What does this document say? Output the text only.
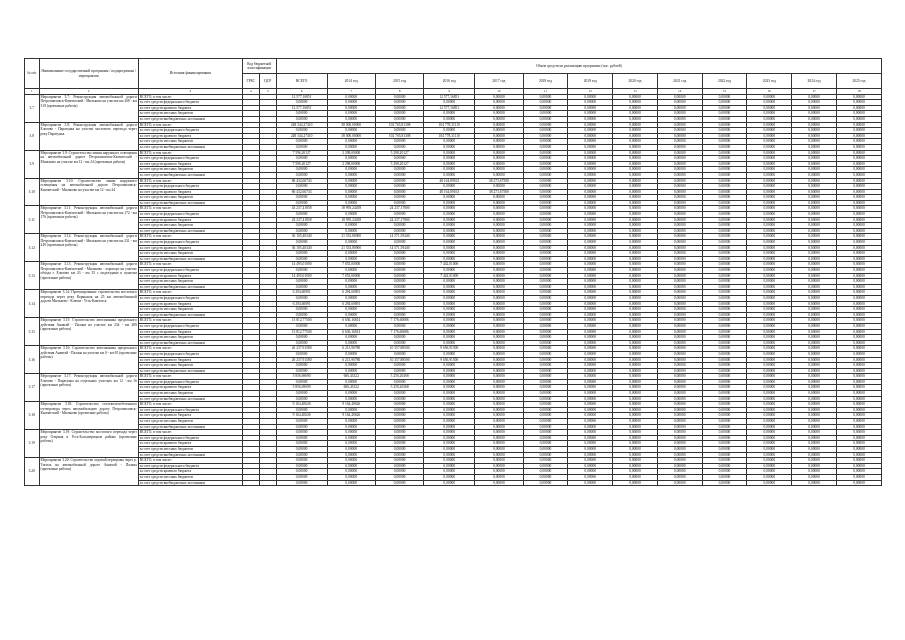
№ п/п	Наименование государственной программы / подпрограммы / мероприятия	Источник финансирования	Код бюджетной классификации		Объем средств на реализацию программы (тыс. рублей)												
			ГРБС	ЦСР	ВСЕГО	2014 год	2015 год	2016 год	2017 год	2018 год	2019 год	2020 год	2021 год	2022 год	2023 год	2024 год	2025 год
1	2	3	4	5	6	7	8	9	10	11	12	13	14	15	16	17	18
3.7	Мероприятие 3.7: Реконструкция автомобильной дороги Петропавловск-Камчатский - Мильково на участке км 268 - км 319 (проектные работы)	ВСЕГО, в том числе:			12 577,16851	0,00000	0,00000	12 577,16851	0,00000	0,00000	0,00000	0,00000	0,00000	0,00000	0,00000	0,00000	0,00000
		за счет средств федерального бюджета			0,00000	0,00000	0,00000	0,00000	0,00000	0,00000	0,00000	0,00000	0,00000	0,00000	0,00000	0,00000	0,00000
		за счет средств краевого бюджета			12 577,16851	0,00000	0,00000	12 577,16851	0,00000	0,00000	0,00000	0,00000	0,00000	0,00000	0,00000	0,00000	0,00000
		за счет средств местных бюджетов			0,00000	0,00000	0,00000	0,00000	0,00000	0,00000	0,00000	0,00000	0,00000	0,00000	0,00000	0,00000	0,00000
		за счет средств внебюджетных источников			0,00000	0,00000	0,00000	0,00000	0,00000	0,00000	0,00000	0,00000	0,00000	0,00000	0,00000	0,00000	0,00000
3.8	Мероприятие 3.8: Реконструкция автомобильной дороги Елизово - Паратунка на участке мостового перехода через реку Паратунка	ВСЕГО, в том числе:			248 344,27410	38 000,00000	102 765,81308	104 778,31110	0,00000	0,00000	0,00000	0,00000	0,00000	0,00000	0,00000	0,00000	0,00000
		за счет средств федерального бюджета			0,00000	0,00000	0,00000	0,00000	0,00000	0,00000	0,00000	0,00000	0,00000	0,00000	0,00000	0,00000	0,00000
		за счет средств краевого бюджета			248 344,27410	38 000,00000	102 765,81308	104 778,31110	0,00000	0,00000	0,00000	0,00000	0,00000	0,00000	0,00000	0,00000	0,00000
		за счет средств местных бюджетов			0,00000	0,00000	0,00000	0,00000	0,00000	0,00000	0,00000	0,00000	0,00000	0,00000	0,00000	0,00000	0,00000
		за счет средств внебюджетных источников			0,00000	0,00000	0,00000	0,00000	0,00000	0,00000	0,00000	0,00000	0,00000	0,00000	0,00000	0,00000	0,00000
3.9	Мероприятие 3.9: Строительство линии наружного освещения на автомобильной дороге Петропавловск-Камчатский - Мильково на участке км 12 - км 24 (проектные работы)	ВСЕГО, в том числе:			7 596,20127	2 298,00000	5 298,20127	0,00000	0,00000	0,00000	0,00000	0,00000	0,00000	0,00000	0,00000	0,00000	0,00000
		за счет средств федерального бюджета			0,00000	0,00000	0,00000	0,00000	0,00000	0,00000	0,00000	0,00000	0,00000	0,00000	0,00000	0,00000	0,00000
		за счет средств краевого бюджета			7 596,20127	2 298,00000	5 298,20127	0,00000	0,00000	0,00000	0,00000	0,00000	0,00000	0,00000	0,00000	0,00000	0,00000
		за счет средств местных бюджетов			0,00000	0,00000	0,00000	0,00000	0,00000	0,00000	0,00000	0,00000	0,00000	0,00000	0,00000	0,00000	0,00000
		за счет средств внебюджетных источников			0,00000	0,00000	0,00000	0,00000	0,00000	0,00000	0,00000	0,00000	0,00000	0,00000	0,00000	0,00000	0,00000
3.10	Мероприятие 3.10: Строительство линии наружного освещения на автомобильной дороге Петропавловск-Камчатский - Мильково на участке км 12 - км 24	ВСЕГО, в том числе:			86 432,66743	0,00000	0,00000	48 164,89163	38 273,67580	0,00000	0,00000	0,00000	0,00000	0,00000	0,00000	0,00000	0,00000
		за счет средств федерального бюджета			0,00000	0,00000	0,00000	0,00000	0,00000	0,00000	0,00000	0,00000	0,00000	0,00000	0,00000	0,00000	0,00000
		за счет средств краевого бюджета			86 432,66743	0,00000	0,00000	48 164,89163	38 273,67580	0,00000	0,00000	0,00000	0,00000	0,00000	0,00000	0,00000	0,00000
		за счет средств местных бюджетов			0,00000	0,00000	0,00000	0,00000	0,00000	0,00000	0,00000	0,00000	0,00000	0,00000	0,00000	0,00000	0,00000
		за счет средств внебюджетных источников			0,00000	0,00000	0,00000	0,00000	0,00000	0,00000	0,00000	0,00000	0,00000	0,00000	0,00000	0,00000	0,00000
3.11	Мероприятие 3.11: Реконструкция автомобильной дороги Петропавловск-Камчатский - Мильково на участке км 172 - км 176 (проектные работы)	ВСЕГО, в том числе:			43 237,41858	18 995,24458	24 237,17800	0,00000	0,00000	0,00000	0,00000	0,00000	0,00000	0,00000	0,00000	0,00000	0,00000
		за счет средств федерального бюджета			0,00000	0,00000	0,00000	0,00000	0,00000	0,00000	0,00000	0,00000	0,00000	0,00000	0,00000	0,00000	0,00000
		за счет средств краевого бюджета			43 237,41858	18 995,24458	24 237,17800	0,00000	0,00000	0,00000	0,00000	0,00000	0,00000	0,00000	0,00000	0,00000	0,00000
		за счет средств местных бюджетов			0,00000	0,00000	0,00000	0,00000	0,00000	0,00000	0,00000	0,00000	0,00000	0,00000	0,00000	0,00000	0,00000
		за счет средств внебюджетных источников			0,00000	0,00000	0,00000	0,00000	0,00000	0,00000	0,00000	0,00000	0,00000	0,00000	0,00000	0,00000	0,00000
3.12	Мероприятие 3.12: Реконструкция автомобильной дороги Петропавловск-Камчатский - Мильково на участке км 231 - км 249 (проектные работы)	ВСЕГО, в том числе:			36 105,40340	21 533,80900	14 571,59440	0,00000	0,00000	0,00000	0,00000	0,00000	0,00000	0,00000	0,00000	0,00000	0,00000
		за счет средств федерального бюджета			0,00000	0,00000	0,00000	0,00000	0,00000	0,00000	0,00000	0,00000	0,00000	0,00000	0,00000	0,00000	0,00000
		за счет средств краевого бюджета			36 105,40340	21 533,80900	14 571,59440	0,00000	0,00000	0,00000	0,00000	0,00000	0,00000	0,00000	0,00000	0,00000	0,00000
		за счет средств местных бюджетов			0,00000	0,00000	0,00000	0,00000	0,00000	0,00000	0,00000	0,00000	0,00000	0,00000	0,00000	0,00000	0,00000
		за счет средств внебюджетных источников			0,00000	0,00000	0,00000	0,00000	0,00000	0,00000	0,00000	0,00000	0,00000	0,00000	0,00000	0,00000	0,00000
3.13	Мероприятие 3.13: Реконструкция автомобильной дороги Петропавловск-Камчатский - Мильково - аэропорт на участке обхода г. Елизово км 23 - км 35 с подъездами к пунктам (проектные работы)	ВСЕГО, в том числе:			14 495,01000	7 053,00000	0,00000	7 442,01000	0,00000	0,00000	0,00000	0,00000	0,00000	0,00000	0,00000	0,00000	0,00000
		за счет средств федерального бюджета			0,00000	0,00000	0,00000	0,00000	0,00000	0,00000	0,00000	0,00000	0,00000	0,00000	0,00000	0,00000	0,00000
		за счет средств краевого бюджета			14 495,01000	7 053,00000	0,00000	7 442,01000	0,00000	0,00000	0,00000	0,00000	0,00000	0,00000	0,00000	0,00000	0,00000
		за счет средств местных бюджетов			0,00000	0,00000	0,00000	0,00000	0,00000	0,00000	0,00000	0,00000	0,00000	0,00000	0,00000	0,00000	0,00000
		за счет средств внебюджетных источников			0,00000	0,00000	0,00000	0,00000	0,00000	0,00000	0,00000	0,00000	0,00000	0,00000	0,00000	0,00000	0,00000
3.14	Мероприятие 3.14: Проектирование строительства мостового перехода через реку Корякская на 25 км автомобильной дороги Мильково - Ключи - Усть-Камчатск	ВСЕГО, в том числе:			6 294,60891	6 294,60891	0,00000	0,00000	0,00000	0,00000	0,00000	0,00000	0,00000	0,00000	0,00000	0,00000	0,00000
		за счет средств федерального бюджета			0,00000	0,00000	0,00000	0,00000	0,00000	0,00000	0,00000	0,00000	0,00000	0,00000	0,00000	0,00000	0,00000
		за счет средств краевого бюджета			6 294,60891	6 294,60891	0,00000	0,00000	0,00000	0,00000	0,00000	0,00000	0,00000	0,00000	0,00000	0,00000	0,00000
		за счет средств местных бюджетов			0,00000	0,00000	0,00000	0,00000	0,00000	0,00000	0,00000	0,00000	0,00000	0,00000	0,00000	0,00000	0,00000
		за счет средств внебюджетных источников			0,00000	0,00000	0,00000	0,00000	0,00000	0,00000	0,00000	0,00000	0,00000	0,00000	0,00000	0,00000	0,00000
3.15	Мероприятие 3.15: Строительство автозимника предельного действия Анавгай - Палана на участке км 234 - км 289 (проектные работы)	ВСЕГО, в том числе:			13 812,77500	6 636,16814	7 176,60686	0,00000	0,00000	0,00000	0,00000	0,00000	0,00000	0,00000	0,00000	0,00000	0,00000
		за счет средств федерального бюджета			0,00000	0,00000	0,00000	0,00000	0,00000	0,00000	0,00000	0,00000	0,00000	0,00000	0,00000	0,00000	0,00000
		за счет средств краевого бюджета			13 812,77500	6 636,16814	7 176,60686	0,00000	0,00000	0,00000	0,00000	0,00000	0,00000	0,00000	0,00000	0,00000	0,00000
		за счет средств местных бюджетов			0,00000	0,00000	0,00000	0,00000	0,00000	0,00000	0,00000	0,00000	0,00000	0,00000	0,00000	0,00000	0,00000
		за счет средств внебюджетных источников			0,00000	0,00000	0,00000	0,00000	0,00000	0,00000	0,00000	0,00000	0,00000	0,00000	0,00000	0,00000	0,00000
3.16	Мероприятие 3.16: Строительство автозимника предельного действия Анавгай - Палана на участке км 0 - км 65 (проектные работы)	ВСЕГО, в том числе:			26 237,91580	6 213,90780	10 357,88500	9 656,91500	0,00000	0,00000	0,00000	0,00000	0,00000	0,00000	0,00000	0,00000	0,00000
		за счет средств федерального бюджета			0,00000	0,00000	0,00000	0,00000	0,00000	0,00000	0,00000	0,00000	0,00000	0,00000	0,00000	0,00000	0,00000
		за счет средств краевого бюджета			26 237,91580	6 213,90780	10 357,88500	9 656,91500	0,00000	0,00000	0,00000	0,00000	0,00000	0,00000	0,00000	0,00000	0,00000
		за счет средств местных бюджетов			0,00000	0,00000	0,00000	0,00000	0,00000	0,00000	0,00000	0,00000	0,00000	0,00000	0,00000	0,00000	0,00000
		за счет средств внебюджетных источников			0,00000	0,00000	0,00000	0,00000	0,00000	0,00000	0,00000	0,00000	0,00000	0,00000	0,00000	0,00000	0,00000
3.17	Мероприятие 3.17: Реконструкция автомобильной дороги Елизово - Паратунка на отдельных участках км 12 - км 16 (проектные работы)	ВСЕГО, в том числе:			5 856,69690	606,43322	5 250,26368	0,00000	0,00000	0,00000	0,00000	0,00000	0,00000	0,00000	0,00000	0,00000	0,00000
		за счет средств федерального бюджета			0,00000	0,00000	0,00000	0,00000	0,00000	0,00000	0,00000	0,00000	0,00000	0,00000	0,00000	0,00000	0,00000
		за счет средств краевого бюджета			5 856,69690	606,43322	5 250,26368	0,00000	0,00000	0,00000	0,00000	0,00000	0,00000	0,00000	0,00000	0,00000	0,00000
		за счет средств местных бюджетов			0,00000	0,00000	0,00000	0,00000	0,00000	0,00000	0,00000	0,00000	0,00000	0,00000	0,00000	0,00000	0,00000
		за счет средств внебюджетных источников			0,00000	0,00000	0,00000	0,00000	0,00000	0,00000	0,00000	0,00000	0,00000	0,00000	0,00000	0,00000	0,00000
3.18	Мероприятие 3.18: Строительство сталежелезобетонного путепровода через автомобильную дорогу Петропавловск-Камчатский - Мильково (проектные работы)	ВСЕГО, в том числе:			9 164,40626	9 164,40626	0,00000	0,00000	0,00000	0,00000	0,00000	0,00000	0,00000	0,00000	0,00000	0,00000	0,00000
		за счет средств федерального бюджета			0,00000	0,00000	0,00000	0,00000	0,00000	0,00000	0,00000	0,00000	0,00000	0,00000	0,00000	0,00000	0,00000
		за счет средств краевого бюджета			9 164,40626	9 164,40626	0,00000	0,00000	0,00000	0,00000	0,00000	0,00000	0,00000	0,00000	0,00000	0,00000	0,00000
		за счет средств местных бюджетов			0,00000	0,00000	0,00000	0,00000	0,00000	0,00000	0,00000	0,00000	0,00000	0,00000	0,00000	0,00000	0,00000
		за счет средств внебюджетных источников			0,00000	0,00000	0,00000	0,00000	0,00000	0,00000	0,00000	0,00000	0,00000	0,00000	0,00000	0,00000	0,00000
3.19	Мероприятие 3.19: Строительство мостового перехода через реку Озерная в Усть-Большерецком районе (проектные работы)	ВСЕГО, в том числе:			0,00000	0,00000	0,00000	0,00000	0,00000	0,00000	0,00000	0,00000	0,00000	0,00000	0,00000	0,00000	0,00000
		за счет средств федерального бюджета			0,00000	0,00000	0,00000	0,00000	0,00000	0,00000	0,00000	0,00000	0,00000	0,00000	0,00000	0,00000	0,00000
		за счет средств краевого бюджета			0,00000	0,00000	0,00000	0,00000	0,00000	0,00000	0,00000	0,00000	0,00000	0,00000	0,00000	0,00000	0,00000
		за счет средств местных бюджетов			0,00000	0,00000	0,00000	0,00000	0,00000	0,00000	0,00000	0,00000	0,00000	0,00000	0,00000	0,00000	0,00000
		за счет средств внебюджетных источников			0,00000	0,00000	0,00000	0,00000	0,00000	0,00000	0,00000	0,00000	0,00000	0,00000	0,00000	0,00000	0,00000
3.20	Мероприятие 3.20: Строительство ледовой переправы через р. Тигиль на автомобильной дороге Анавгай - Палана (проектные работы)	ВСЕГО, в том числе:			0,00000	0,00000	0,00000	0,00000	0,00000	0,00000	0,00000	0,00000	0,00000	0,00000	0,00000	0,00000	0,00000
		за счет средств федерального бюджета			0,00000	0,00000	0,00000	0,00000	0,00000	0,00000	0,00000	0,00000	0,00000	0,00000	0,00000	0,00000	0,00000
		за счет средств краевого бюджета			0,00000	0,00000	0,00000	0,00000	0,00000	0,00000	0,00000	0,00000	0,00000	0,00000	0,00000	0,00000	0,00000
		за счет средств местных бюджетов			0,00000	0,00000	0,00000	0,00000	0,00000	0,00000	0,00000	0,00000	0,00000	0,00000	0,00000	0,00000	0,00000
		за счет средств внебюджетных источников			0,00000	0,00000	0,00000	0,00000	0,00000	0,00000	0,00000	0,00000	0,00000	0,00000	0,00000	0,00000	0,00000
